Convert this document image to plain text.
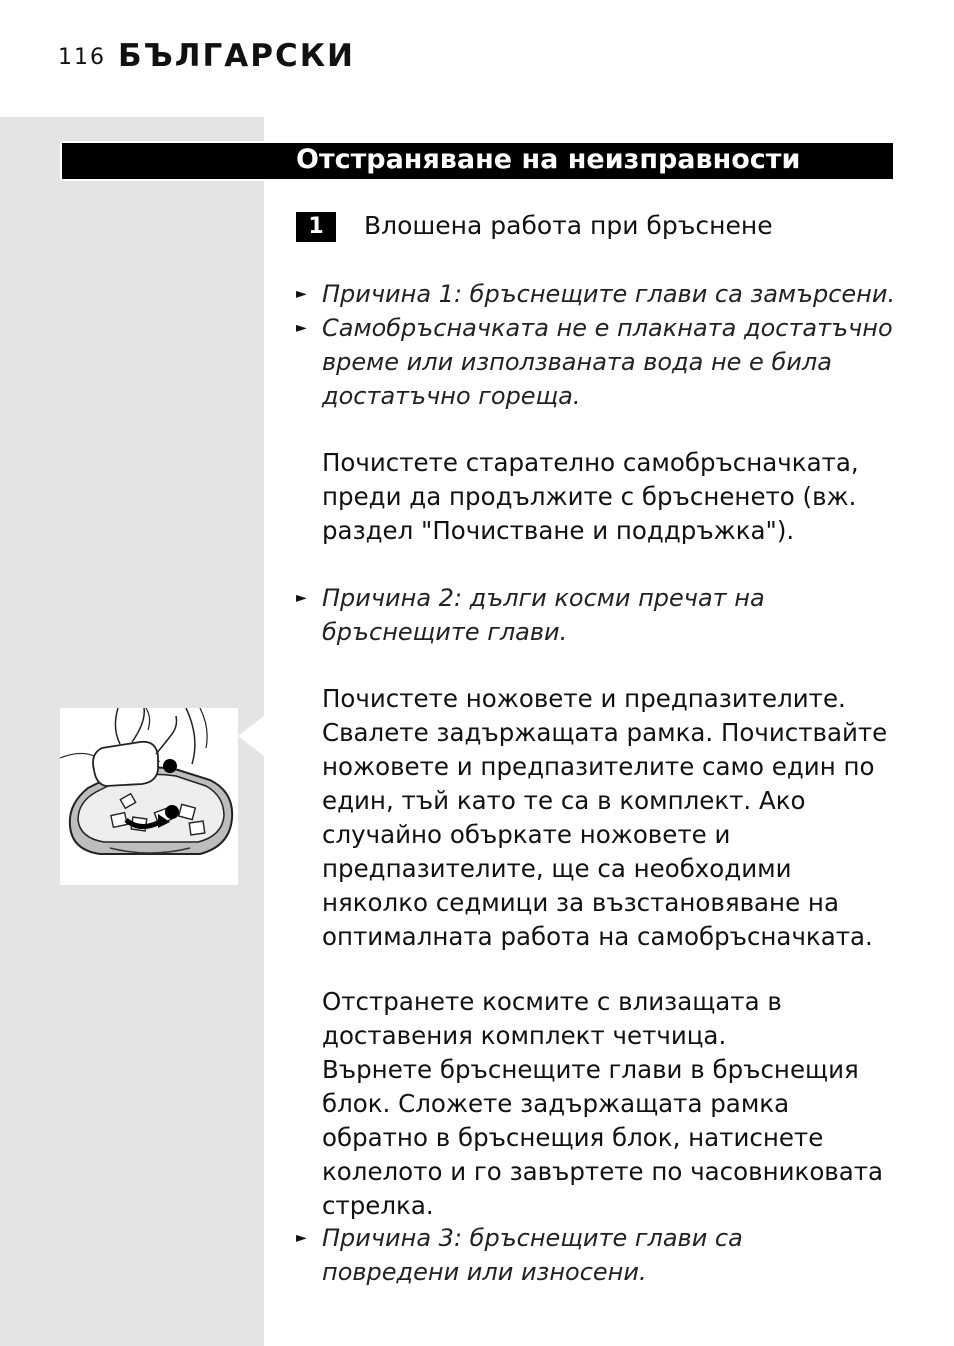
116 БЪЛГАРСКИ
Отстраняване на неизправности
1	Влошена работа при бръснене
► Причина 1: бръснещите глави са замърсени.
► Самобръсначката не е плакната достатъчно време или използваната вода не е била достатъчно гореща.
Почистете старателно самобръсначката, преди да продължите с бръсненето (вж. раздел "Почистване и поддръжка").
► Причина 2: дълги косми пречат на бръснещите глави.
Почистете ножовете и предпазителите. Свалете задържащата рамка. Почиствайте ножовете и предпазителите само един по един, тъй като те са в комплект. Ако случайно объркате ножовете и предпазителите, ще са необходими няколко седмици за възстановяване на оптималната работа на самобръсначката.
Отстранете космите с влизащата в доставения комплект четчица.
Върнете бръснещите глави в бръснещия блок. Сложете задържащата рамка обратно в бръснещия блок, натиснете колелото и го завъртете по часовниковата стрелка.
► Причина 3: бръснещите глави са повредени или износени.
